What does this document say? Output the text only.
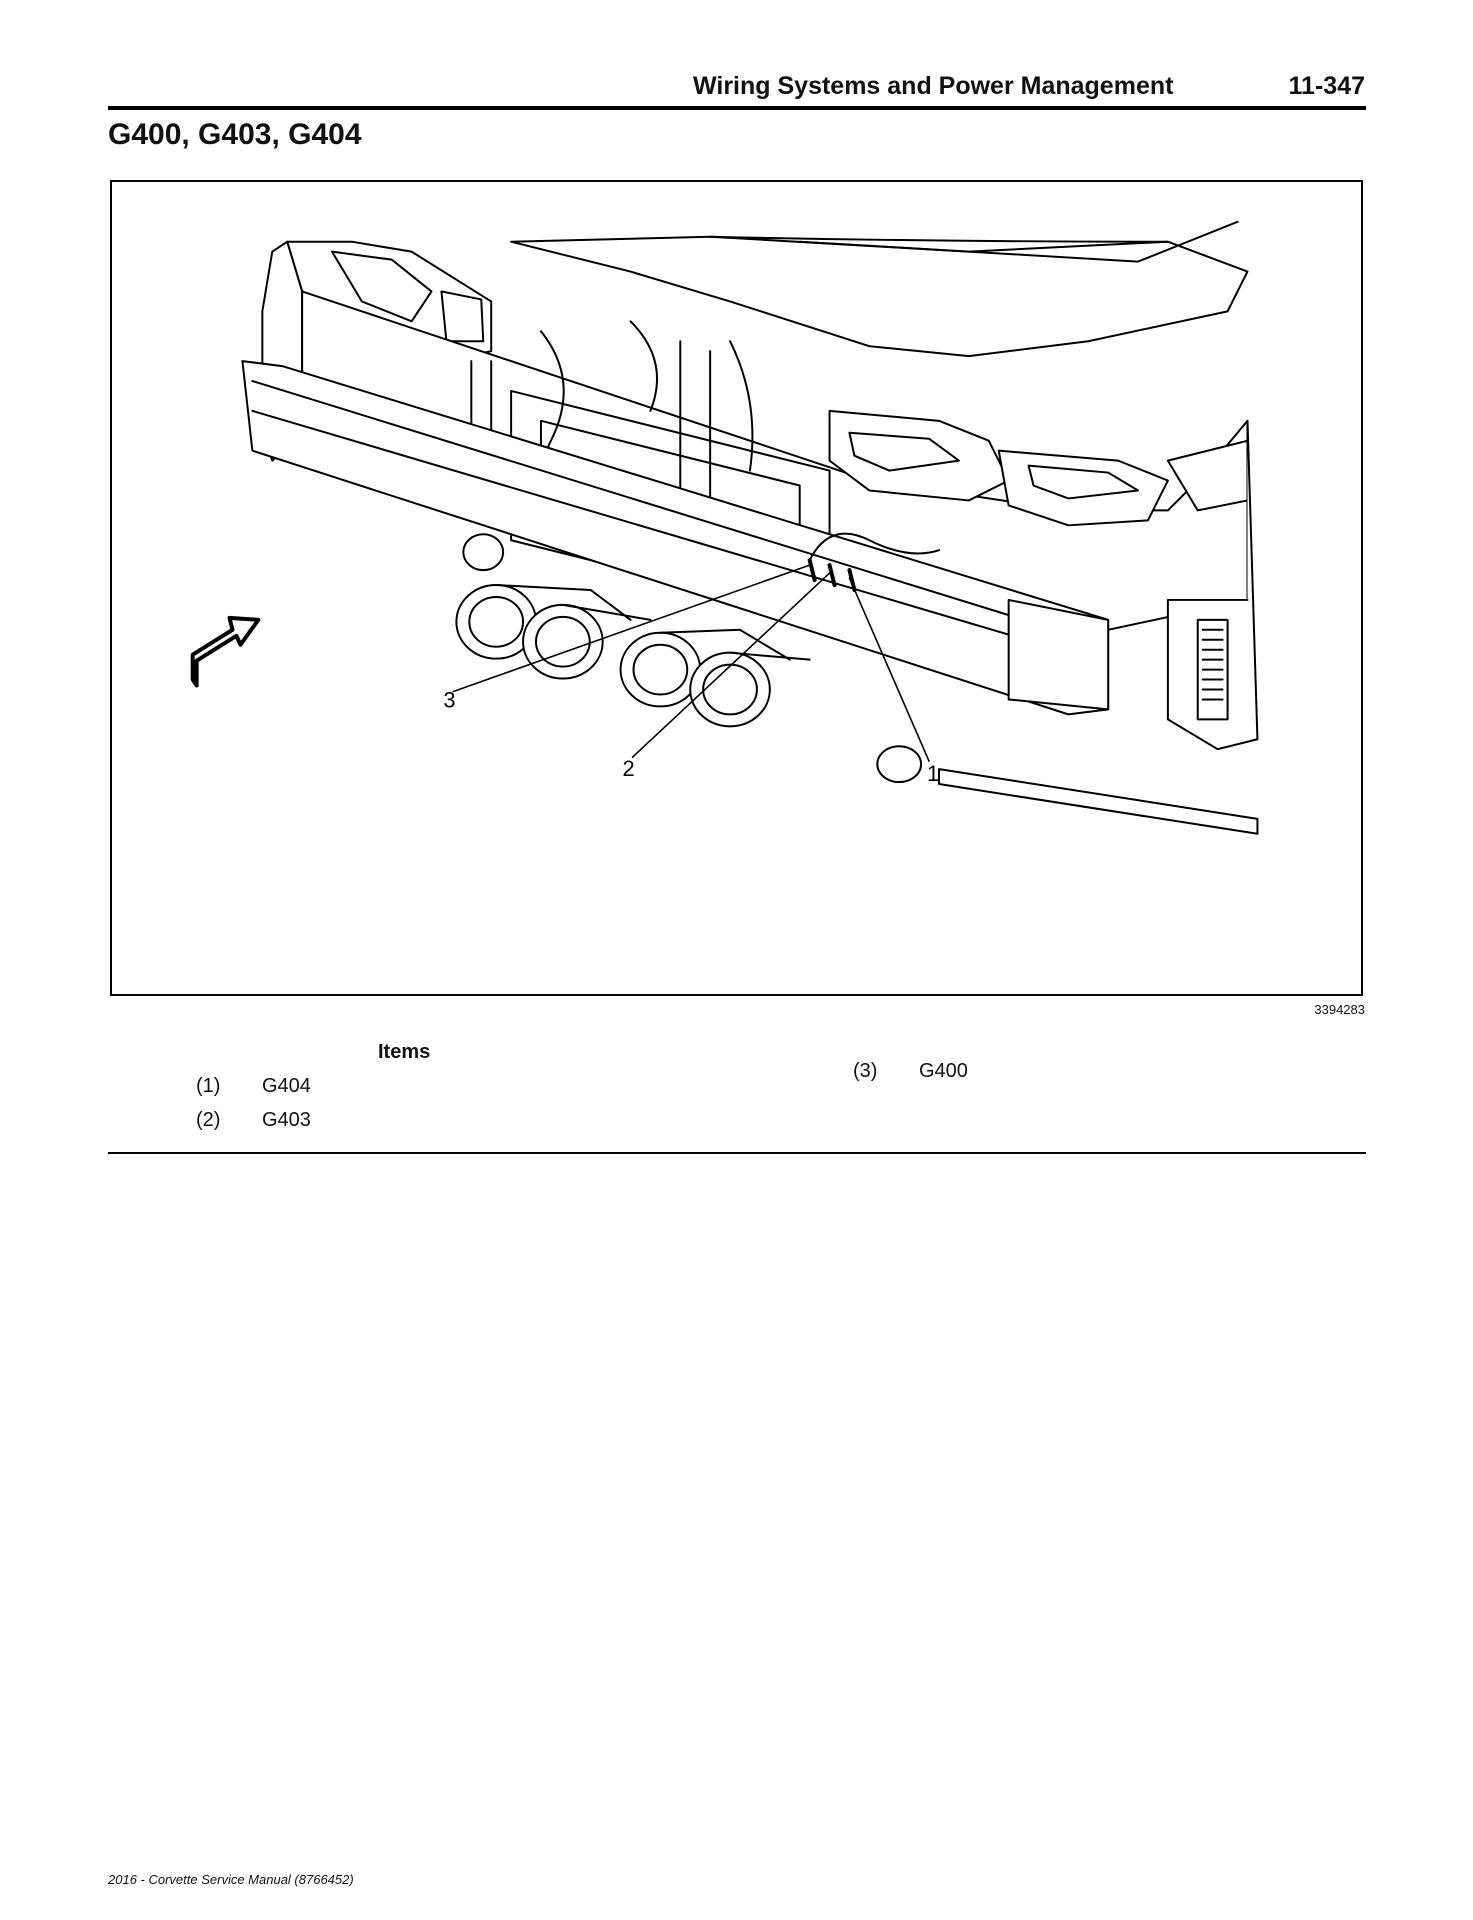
Wiring Systems and Power Management	11-347
G400, G403, G404
3
2	1
3394283
Items
(1) G404
(2) G403
(3) G400
2016 - Corvette Service Manual (8766452)
